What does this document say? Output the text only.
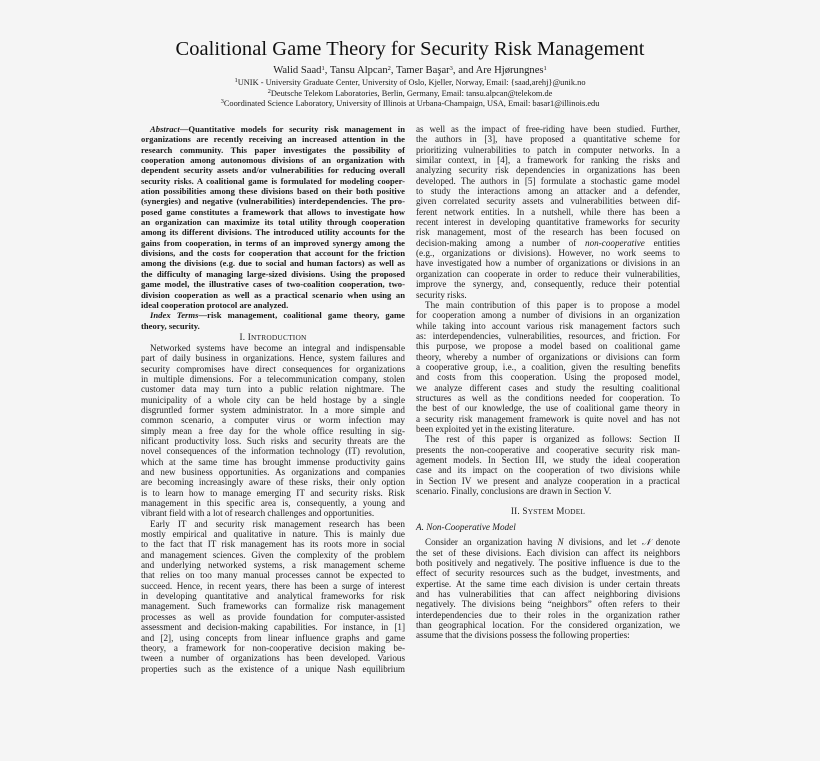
Coalitional Game Theory for Security Risk Management
Walid Saad$^1$, Tansu Alpcan$^2$, Tamer Başar$^3$, and Are Hjørungnes$^1$
$^1$UNIK - University Graduate Center, University of Oslo, Kjeller, Norway, Email: {saad,arehj}@unik.no
$^2$Deutsche Telekom Laboratories, Berlin, Germany, Email: tansu.alpcan@telekom.de
$^3$Coordinated Science Laboratory, University of Illinois at Urbana-Champaign, USA, Email: basar1@illinois.edu
Abstract—Quantitative models for security risk management in
organizations are recently receiving an increased attention in the
research community. This paper investigates the possibility of
cooperation among autonomous divisions of an organization with
dependent security assets and/or vulnerabilities for reducing overall
security risks. A coalitional game is formulated for modeling cooper-
ation possibilities among these divisions based on their both positive
(synergies) and negative (vulnerabilities) interdependencies. The pro-
posed game constitutes a framework that allows to investigate how
an organization can maximize its total utility through cooperation
among its different divisions. The introduced utility accounts for the
gains from cooperation, in terms of an improved synergy among the
divisions, and the costs for cooperation that account for the friction
among the divisions (e.g. due to social and human factors) as well as
the difficulty of managing large-sized divisions. Using the proposed
game model, the illustrative cases of two-coalition cooperation, two-
division cooperation as well as a practical scenario when using an
ideal cooperation protocol are analyzed.
Index Terms—risk management, coalitional game theory, game
theory, security.
I. INTRODUCTION
Networked systems have become an integral and indispensable
part of daily business in organizations. Hence, system failures and
security compromises have direct consequences for organizations
in multiple dimensions. For a telecommunication company, stolen
customer data may turn into a public relation nightmare. The
municipality of a whole city can be held hostage by a single
disgruntled former system administrator. In a more simple and
common scenario, a computer virus or worm infection may
simply mean a free day for the whole office resulting in sig-
nificant productivity loss. Such risks and security threats are the
novel consequences of the information technology (IT) revolution,
which at the same time has brought immense productivity gains
and new business opportunities. As organizations and companies
are becoming increasingly aware of these risks, their only option
is to learn how to manage emerging IT and security risks. Risk
management in this specific area is, consequently, a young and
vibrant field with a lot of research challenges and opportunities.
Early IT and security risk management research has been
mostly empirical and qualitative in nature. This is mainly due
to the fact that IT risk management has its roots more in social
and management sciences. Given the complexity of the problem
and underlying networked systems, a risk management scheme
that relies on too many manual processes cannot be expected to
succeed. Hence, in recent years, there has been a surge of interest
in developing quantitative and analytical frameworks for risk
management. Such frameworks can formalize risk management
processes as well as provide foundation for computer-assisted
assessment and decision-making capabilities. For instance, in [1]
and [2], using concepts from linear influence graphs and game
theory, a framework for non-cooperative decision making be-
tween a number of organizations has been developed. Various
properties such as the existence of a unique Nash equilibrium
as well as the impact of free-riding have been studied. Further,
the authors in [3], have proposed a quantitative scheme for
prioritizing vulnerabilities to patch in computer networks. In a
similar context, in [4], a framework for ranking the risks and
analyzing security risk dependencies in organizations has been
developed. The authors in [5] formulate a stochastic game model
to study the interactions among an attacker and a defender,
given correlated security assets and vulnerabilities between dif-
ferent network entities. In a nutshell, while there has been a
recent interest in developing quantitative frameworks for security
risk management, most of the research has been focused on
decision-making among a number of non-cooperative entities
(e.g., organizations or divisions). However, no work seems to
have investigated how a number of organizations or divisions in an
organization can cooperate in order to reduce their vulnerabilities,
improve the synergy, and, consequently, reduce their potential
security risks.
The main contribution of this paper is to propose a model
for cooperation among a number of divisions in an organization
while taking into account various risk management factors such
as: interdependencies, vulnerabilities, resources, and friction. For
this purpose, we propose a model based on coalitional game
theory, whereby a number of organizations or divisions can form
a cooperative group, i.e., a coalition, given the resulting benefits
and costs from this cooperation. Using the proposed model,
we analyze different cases and study the resulting coalitional
structures as well as the conditions needed for cooperation. To
the best of our knowledge, the use of coalitional game theory in
a security risk management framework is quite novel and has not
been exploited yet in the existing literature.
The rest of this paper is organized as follows: Section II
presents the non-cooperative and cooperative security risk man-
agement models. In Section III, we study the ideal cooperation
case and its impact on the cooperation of two divisions while
in Section IV we present and analyze cooperation in a practical
scenario. Finally, conclusions are drawn in Section V.
II. SYSTEM MODEL
A. Non-Cooperative Model
Consider an organization having N divisions, and let 𝒩 denote
the set of these divisions. Each division can affect its neighbors
both positively and negatively. The positive influence is due to the
effect of security resources such as the budget, investments, and
expertise. At the same time each division is under certain threats
and has vulnerabilities that can affect neighboring divisions
negatively. The divisions being “neighbors” often refers to their
interdependencies due to their roles in the organization rather
than geographical location. For the considered organization, we
assume that the divisions possess the following properties:
